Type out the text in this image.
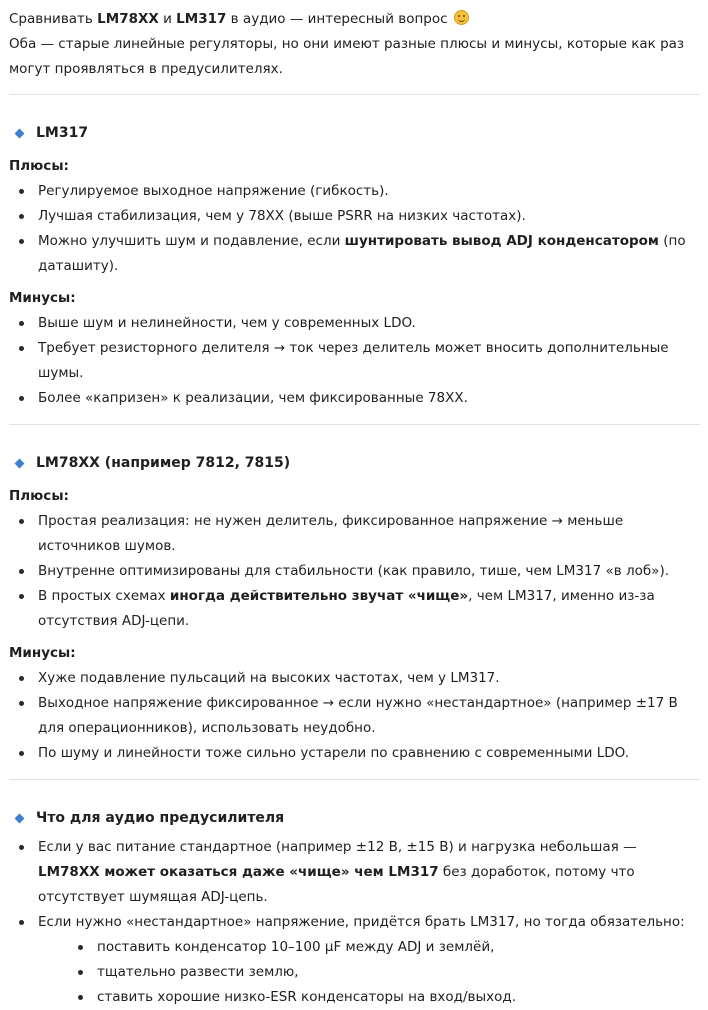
Сравнивать LM78XX и LM317 в аудио — интересный вопрос

Оба — старые линейные регуляторы, но они имеют разные плюсы и минусы, которые как раз могут проявляться в предусилителях.

LM317

Плюсы:

Регулируемое выходное напряжение (гибкость).
Лучшая стабилизация, чем у 78XX (выше PSRR на низких частотах).
Можно улучшить шум и подавление, если шунтировать вывод ADJ конденсатором (по даташиту).

Минусы:

Выше шум и нелинейности, чем у современных LDO.
Требует резисторного делителя → ток через делитель может вносить дополнительные шумы.
Более «капризен» к реализации, чем фиксированные 78XX.
LM78XX (например 7812, 7815)

Плюсы:

Простая реализация: не нужен делитель, фиксированное напряжение → меньше источников шумов.
Внутренне оптимизированы для стабильности (как правило, тише, чем LM317 «в лоб»).
В простых схемах иногда действительно звучат «чище», чем LM317, именно из-за отсутствия ADJ-цепи.

Минусы:

Хуже подавление пульсаций на высоких частотах, чем у LM317.
Выходное напряжение фиксированное → если нужно «нестандартное» (например ±17 В для операционников), использовать неудобно.
По шуму и линейности тоже сильно устарели по сравнению с современными LDO.
Что для аудио предусилителя
Если у вас питание стандартное (например ±12 В, ±15 В) и нагрузка небольшая — LM78XX может оказаться даже «чище» чем LM317 без доработок, потому что отсутствует шумящая ADJ-цепь.
Если нужно «нестандартное» напряжение, придётся брать LM317, но тогда обязательно:
поставить конденсатор 10–100 µF между ADJ и землёй,
тщательно развести землю,
ставить хорошие низко-ESR конденсаторы на вход/выход.
